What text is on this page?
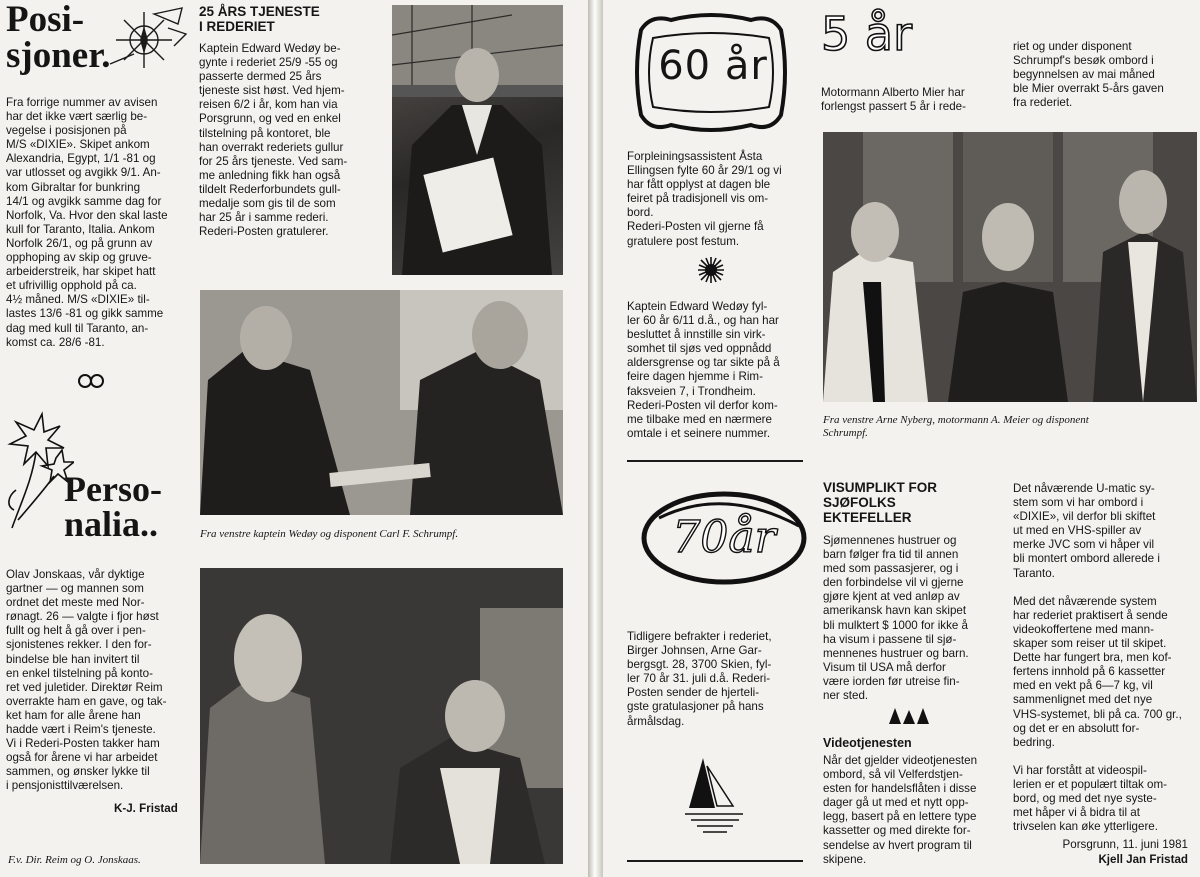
Posi-
sjoner.
Fra forrige nummer av avisen
har det ikke vært særlig be-
vegelse i posisjonen på
M/S «DIXIE». Skipet ankom
Alexandria, Egypt, 1/1 -81 og
var utlosset og avgikk 9/1. An-
kom Gibraltar for bunkring
14/1 og avgikk samme dag for
Norfolk, Va. Hvor den skal laste
kull for Taranto, Italia. Ankom
Norfolk 26/1, og på grunn av
opphoping av skip og gruve-
arbeiderstreik, har skipet hatt
et ufrivillig opphold på ca.
4½ måned. M/S «DIXIE» til-
lastes 13/6 -81 og gikk samme
dag med kull til Taranto, an-
komst ca. 28/6 -81.
Perso-
nalia..
Olav Jonskaas, vår dyktige
gartner — og mannen som
ordnet det meste med Nor-
rønagt. 26 — valgte i fjor høst
fullt og helt å gå over i pen-
sjonistenes rekker. I den for-
bindelse ble han invitert til
en enkel tilstelning på konto-
ret ved juletider. Direktør Reim
overrakte ham en gave, og tak-
ket ham for alle årene han
hadde vært i Reim's tjeneste.
Vi i Rederi-Posten takker ham
også for årene vi har arbeidet
sammen, og ønsker lykke til
i pensjonisttilværelsen.
K-J. Fristad
25 ÅRS TJENESTE
I REDERIET
Kaptein Edward Wedøy be-
gynte i rederiet 25/9 -55 og
passerte dermed 25 års
tjeneste sist høst. Ved hjem-
reisen 6/2 i år, kom han via
Porsgrunn, og ved en enkel
tilstelning på kontoret, ble
han overrakt rederiets gullur
for 25 års tjeneste. Ved sam-
me anledning fikk han også
tildelt Rederforbundets gull-
medalje som gis til de som
har 25 år i samme rederi.
Rederi-Posten gratulerer.
Fra venstre kaptein Wedøy og disponent Carl F. Schrumpf.
F.v. Dir. Reim og O. Jonskaas.
60 år
5 år
Motormann Alberto Mier har
forlengst passert 5 år i rede-
riet og under disponent
Schrumpf's besøk ombord i
begynnelsen av mai måned
ble Mier overrakt 5-års gaven
fra rederiet.
Forpleiningsassistent Åsta
Ellingsen fylte 60 år 29/1 og vi
har fått opplyst at dagen ble
feiret på tradisjonell vis om-
bord.
Rederi-Posten vil gjerne få
gratulere post festum.
Kaptein Edward Wedøy fyl-
ler 60 år 6/11 d.å., og han har
besluttet å innstille sin virk-
somhet til sjøs ved oppnådd
aldersgrense og tar sikte på å
feire dagen hjemme i Rim-
faksveien 7, i Trondheim.
Rederi-Posten vil derfor kom-
me tilbake med en nærmere
omtale i et seinere nummer.
Fra venstre Arne Nyberg, motormann A. Meier og disponent
Schrumpf.
70år
Tidligere befrakter i rederiet,
Birger Johnsen, Arne Gar-
bergsgt. 28, 3700 Skien, fyl-
ler 70 år 31. juli d.å. Rederi-
Posten sender de hjerteli-
gste gratulasjoner på hans
årmålsdag.
VISUMPLIKT FOR
SJØFOLKS
EKTEFELLER
Sjømennenes hustruer og
barn følger fra tid til annen
med som passasjerer, og i
den forbindelse vil vi gjerne
gjøre kjent at ved anløp av
amerikansk havn kan skipet
bli mulktert $ 1000 for ikke å
ha visum i passene til sjø-
mennenes hustruer og barn.
Visum til USA må derfor
være iorden før utreise fin-
ner sted.
Videotjenesten
Når det gjelder videotjenesten
ombord, så vil Velferdstjen-
esten for handelsflåten i disse
dager gå ut med et nytt opp-
legg, basert på en lettere type
kassetter og med direkte for-
sendelse av hvert program til
skipene.
Det nåværende U-matic sy-
stem som vi har ombord i
«DIXIE», vil derfor bli skiftet
ut med en VHS-spiller av
merke JVC som vi håper vil
bli montert ombord allerede i
Taranto.

Med det nåværende system
har rederiet praktisert å sende
videokoffertene med mann-
skaper som reiser ut til skipet.
Dette har fungert bra, men kof-
fertens innhold på 6 kassetter
med en vekt på 6—7 kg, vil
sammenlignet med det nye
VHS-systemet, bli på ca. 700 gr.,
og det er en absolutt for-
bedring.

Vi har forstått at videospil-
lerien er et populært tiltak om-
bord, og med det nye syste-
met håper vi å bidra til at
trivselen kan øke ytterligere.
Porsgrunn, 11. juni 1981
Kjell Jan Fristad
